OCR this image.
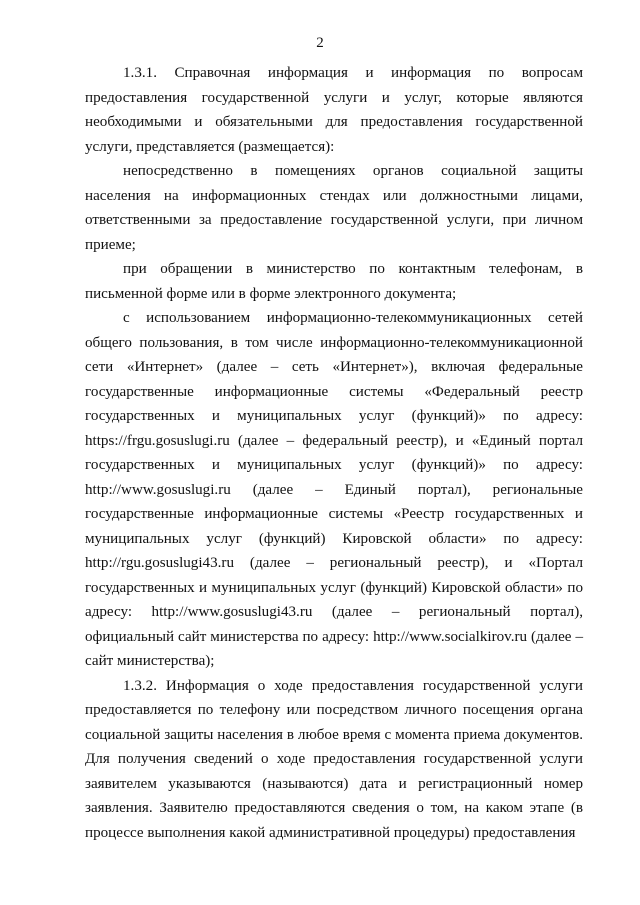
2

1.3.1. Справочная информация и информация по вопросам предоставления государственной услуги и услуг, которые являются необходимыми и обязательными для предоставления государственной услуги, представляется (размещается):

непосредственно в помещениях органов социальной защиты населения на информационных стендах или должностными лицами, ответственными за предоставление государственной услуги, при личном приеме;

при обращении в министерство по контактным телефонам, в письменной форме или в форме электронного документа;

с использованием информационно-телекоммуникационных сетей общего пользования, в том числе информационно-телекоммуникационной сети «Интернет» (далее – сеть «Интернет»), включая федеральные государственные информационные системы «Федеральный реестр государственных и муниципальных услуг (функций)» по адресу: https://frgu.gosuslugi.ru (далее – федеральный реестр), и «Единый портал государственных и муниципальных услуг (функций)» по адресу: http://www.gosuslugi.ru (далее – Единый портал), региональные государственные информационные системы «Реестр государственных и муниципальных услуг (функций) Кировской области» по адресу: http://rgu.gosuslugi43.ru (далее – региональный реестр), и «Портал государственных и муниципальных услуг (функций) Кировской области» по адресу: http://www.gosuslugi43.ru (далее – региональный портал), официальный сайт министерства по адресу: http://www.socialkirov.ru (далее – сайт министерства);

1.3.2. Информация о ходе предоставления государственной услуги предоставляется по телефону или посредством личного посещения органа социальной защиты населения в любое время с момента приема документов. Для получения сведений о ходе предоставления государственной услуги заявителем указываются (называются) дата и регистрационный номер заявления. Заявителю предоставляются сведения о том, на каком этапе (в процессе выполнения какой административной процедуры) предоставления
